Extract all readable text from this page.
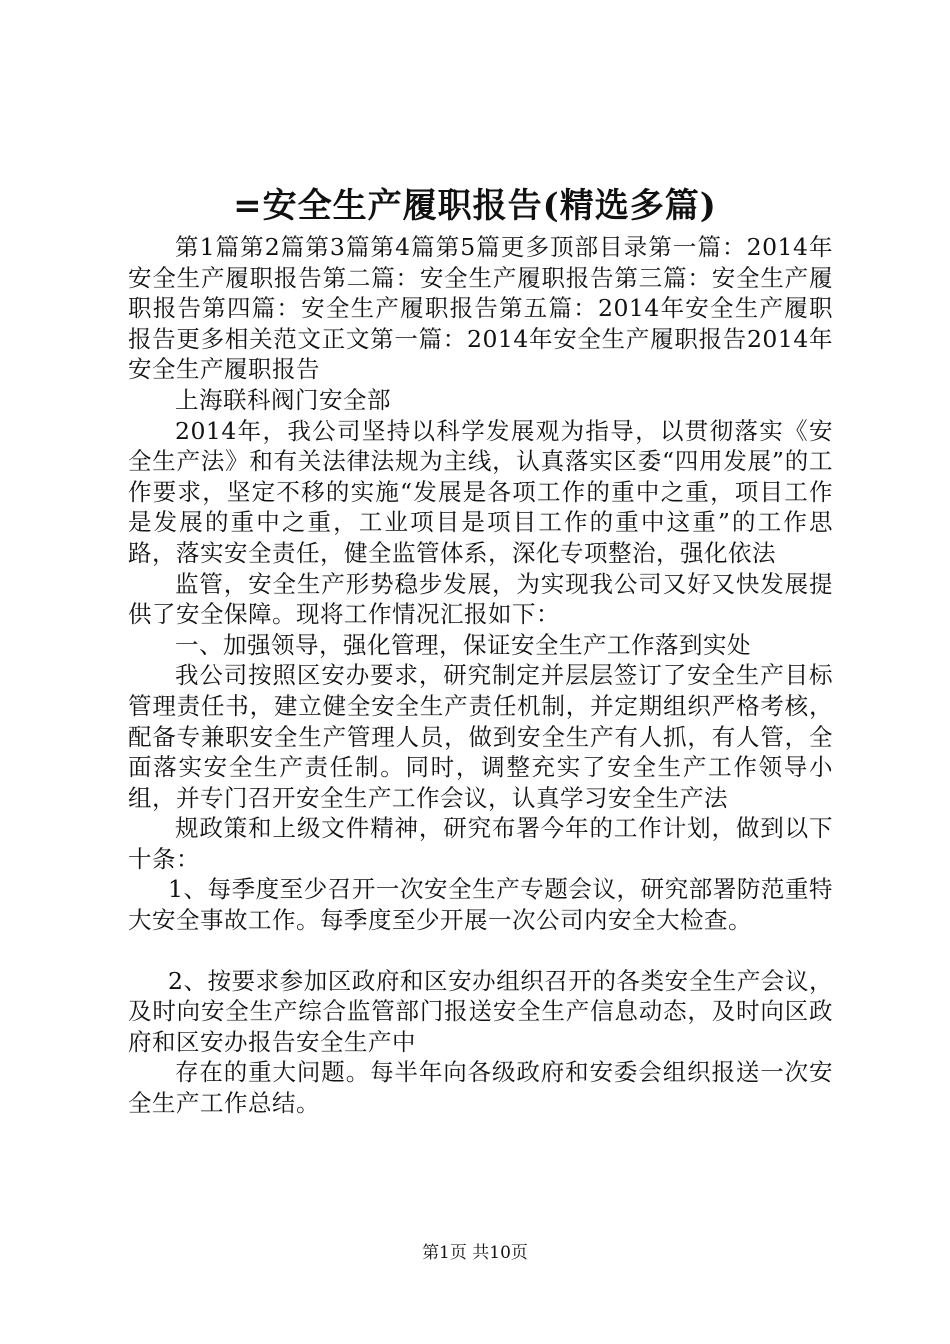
=安全生产履职报告(精选多篇)

第1篇第2篇第3篇第4篇第5篇更多顶部目录第一篇：2014年安全生产履职报告第二篇：安全生产履职报告第三篇：安全生产履职报告第四篇：安全生产履职报告第五篇：2014年安全生产履职报告更多相关范文正文第一篇：2014年安全生产履职报告2014年安全生产履职报告

上海联科阀门安全部

2014年，我公司坚持以科学发展观为指导，以贯彻落实《安全生产法》和有关法律法规为主线，认真落实区委“四用发展”的工作要求，坚定不移的实施“发展是各项工作的重中之重，项目工作是发展的重中之重，工业项目是项目工作的重中这重”的工作思路，落实安全责任，健全监管体系，深化专项整治，强化依法

监管，安全生产形势稳步发展，为实现我公司又好又快发展提供了安全保障。现将工作情况汇报如下：

一、加强领导，强化管理，保证安全生产工作落到实处

我公司按照区安办要求，研究制定并层层签订了安全生产目标管理责任书，建立健全安全生产责任机制，并定期组织严格考核，配备专兼职安全生产管理人员，做到安全生产有人抓，有人管，全面落实安全生产责任制。同时，调整充实了安全生产工作领导小组，并专门召开安全生产工作会议，认真学习安全生产法

规政策和上级文件精神，研究布署今年的工作计划，做到以下十条：

1、每季度至少召开一次安全生产专题会议，研究部署防范重特大安全事故工作。每季度至少开展一次公司内安全大检查。

2、按要求参加区政府和区安办组织召开的各类安全生产会议，及时向安全生产综合监管部门报送安全生产信息动态，及时向区政府和区安办报告安全生产中

存在的重大问题。每半年向各级政府和安委会组织报送一次安全生产工作总结。

第1页 共10页
